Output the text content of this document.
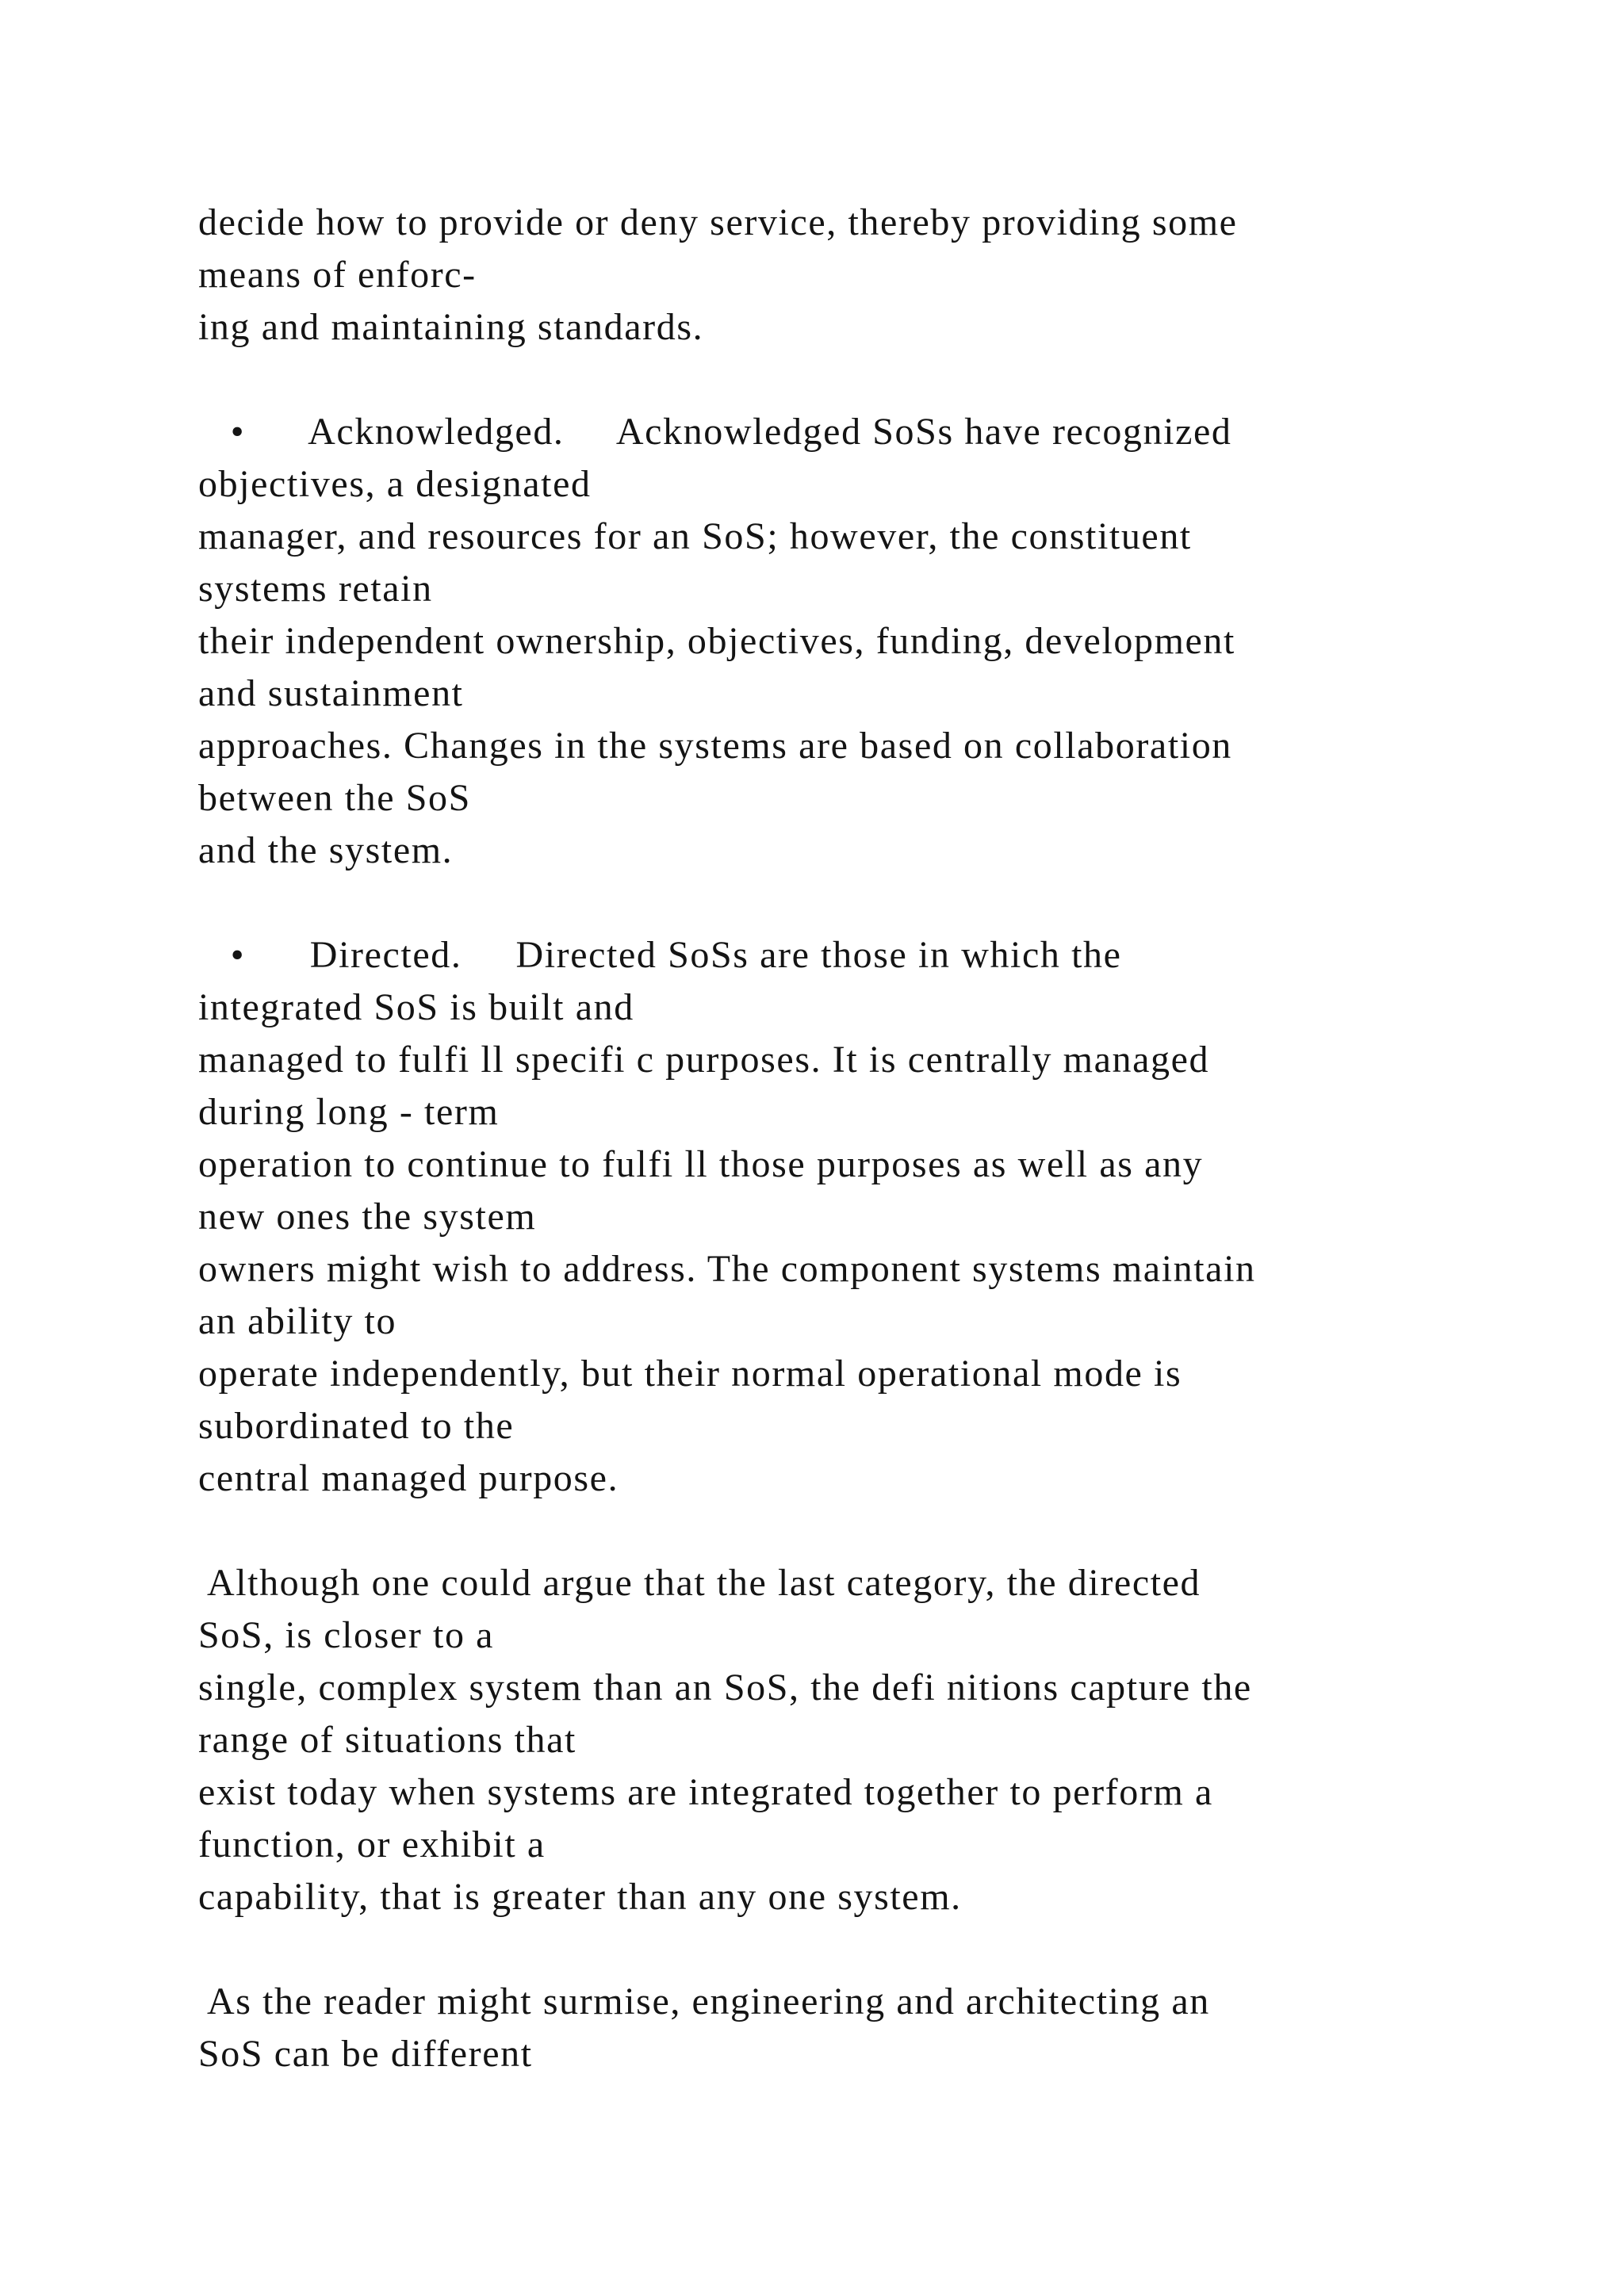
decide how to provide or deny service, thereby providing some
means of enforc-
ing and maintaining standards.
•      Acknowledged.     Acknowledged SoSs have recognized
objectives, a designated
manager, and resources for an SoS; however, the constituent
systems retain
their independent ownership, objectives, funding, development
and sustainment
approaches. Changes in the systems are based on collaboration
between the SoS
and the system.
•      Directed.     Directed SoSs are those in which the
integrated SoS is built and
managed to fulfi ll specifi c purposes. It is centrally managed
during long - term
operation to continue to fulfi ll those purposes as well as any
new ones the system
owners might wish to address. The component systems maintain
an ability to
operate independently, but their normal operational mode is
subordinated to the
central managed purpose.
Although one could argue that the last category, the directed
SoS, is closer to a
single, complex system than an SoS, the defi nitions capture the
range of situations that
exist today when systems are integrated together to perform a
function, or exhibit a
capability, that is greater than any one system.
As the reader might surmise, engineering and architecting an
SoS can be different
